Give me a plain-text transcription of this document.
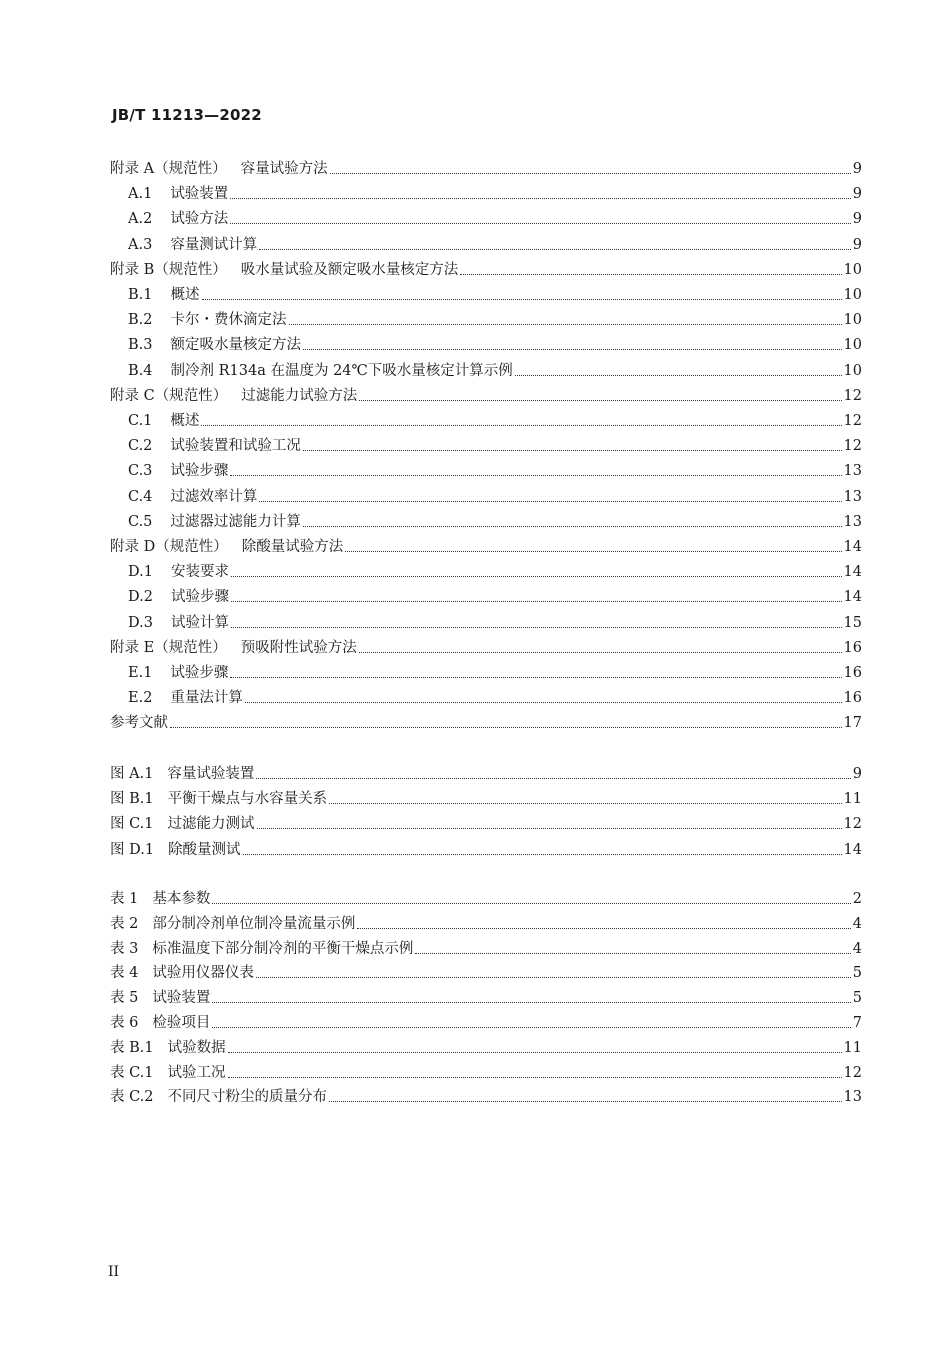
JB/T 11213—2022
附录 A（规范性） 容量试验方法	9
A.1 试验装置	9
A.2 试验方法	9
A.3 容量测试计算	9
附录 B（规范性） 吸水量试验及额定吸水量核定方法	10
B.1 概述	10
B.2 卡尔・费休滴定法	10
B.3 额定吸水量核定方法	10
B.4 制冷剂 R134a 在温度为 24℃下吸水量核定计算示例	10
附录 C（规范性） 过滤能力试验方法	12
C.1 概述	12
C.2 试验装置和试验工况	12
C.3 试验步骤	13
C.4 过滤效率计算	13
C.5 过滤器过滤能力计算	13
附录 D（规范性） 除酸量试验方法	14
D.1 安装要求	14
D.2 试验步骤	14
D.3 试验计算	15
附录 E（规范性） 预吸附性试验方法	16
E.1 试验步骤	16
E.2 重量法计算	16
参考文献	17
图 A.1 容量试验装置	9
图 B.1 平衡干燥点与水容量关系	11
图 C.1 过滤能力测试	12
图 D.1 除酸量测试	14
表 1 基本参数	2
表 2 部分制冷剂单位制冷量流量示例	4
表 3 标准温度下部分制冷剂的平衡干燥点示例	4
表 4 试验用仪器仪表	5
表 5 试验装置	5
表 6 检验项目	7
表 B.1 试验数据	11
表 C.1 试验工况	12
表 C.2 不同尺寸粉尘的质量分布	13
II
